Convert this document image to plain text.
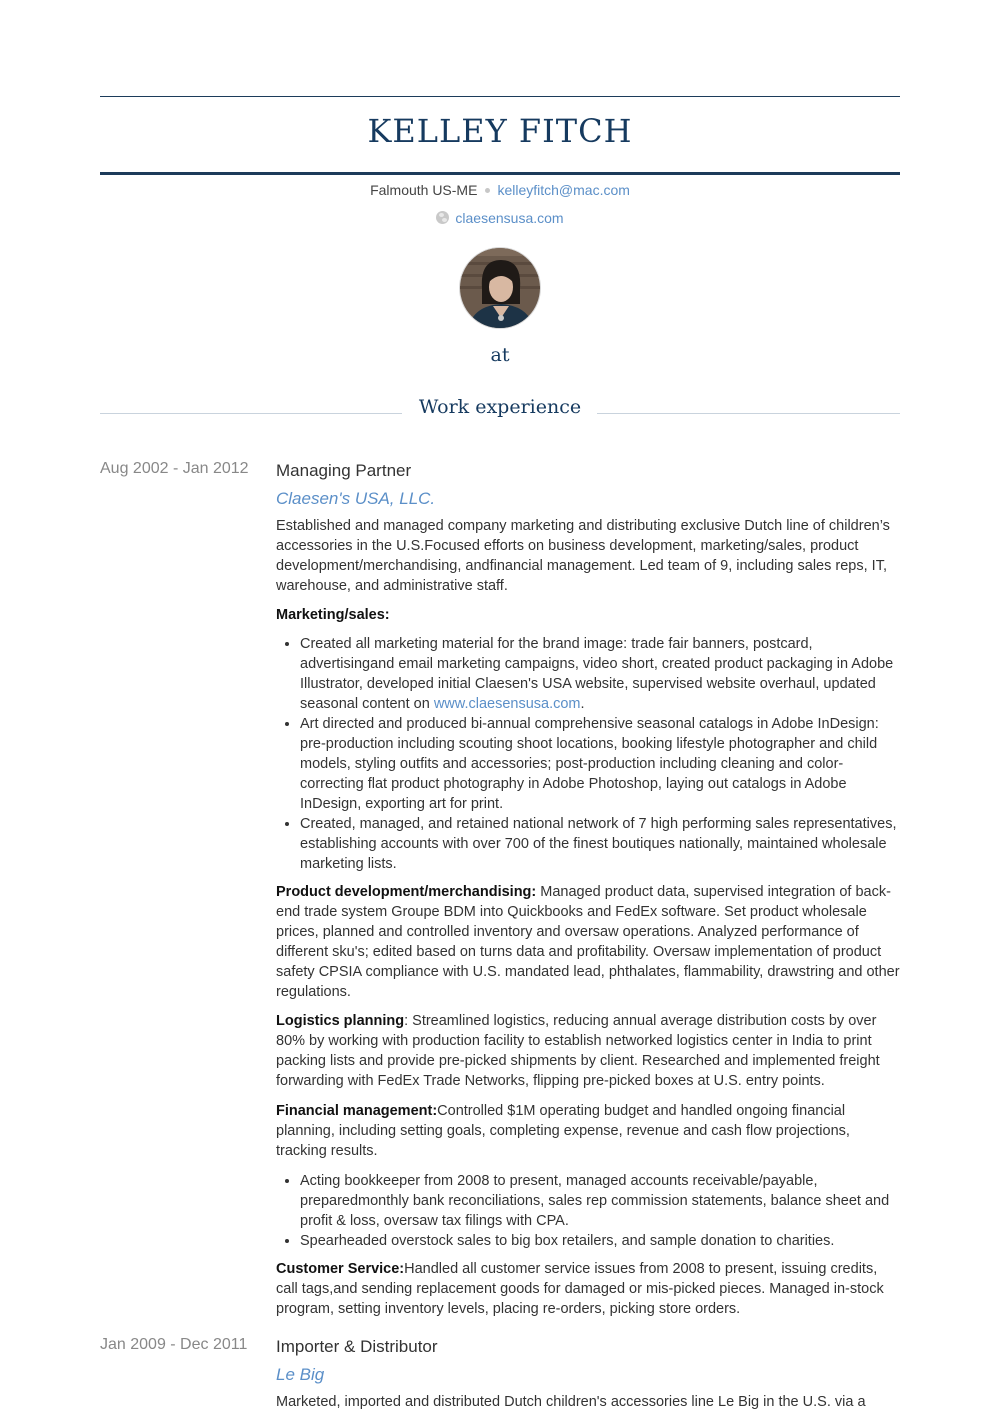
KELLEY FITCH
Falmouth US-ME kelleyfitch@mac.com
claesensusa.com
at
Work experience
Aug 2002 - Jan 2012 Managing Partner
Claesen's USA, LLC.

Established and managed company marketing and distributing exclusive Dutch line of children’s accessories in the U.S.Focused efforts on business development, marketing/sales, product development/merchandising, andfinancial management. Led team of 9, including sales reps, IT, warehouse, and administrative staff.

Marketing/sales:

• Created all marketing material for the brand image: trade fair banners, postcard, advertisingand email marketing campaigns, video short, created product packaging in Adobe Illustrator, developed initial Claesen's USA website, supervised website overhaul, updated seasonal content on www.claesensusa.com.
• Art directed and produced bi-annual comprehensive seasonal catalogs in Adobe InDesign: pre-production including scouting shoot locations, booking lifestyle photographer and child models, styling outfits and accessories; post-production including cleaning and color-correcting flat product photography in Adobe Photoshop, laying out catalogs in Adobe InDesign, exporting art for print.
• Created, managed, and retained national network of 7 high performing sales representatives, establishing accounts with over 700 of the finest boutiques nationally, maintained wholesale marketing lists.

Product development/merchandising: Managed product data, supervised integration of back-end trade system Groupe BDM into Quickbooks and FedEx software. Set product wholesale prices, planned and controlled inventory and oversaw operations. Analyzed performance of different sku's; edited based on turns data and profitability. Oversaw implementation of product safety CPSIA compliance with U.S. mandated lead, phthalates, flammability, drawstring and other regulations.

Logistics planning: Streamlined logistics, reducing annual average distribution costs by over 80% by working with production facility to establish networked logistics center in India to print packing lists and provide pre-picked shipments by client. Researched and implemented freight forwarding with FedEx Trade Networks, flipping pre-picked boxes at U.S. entry points.

Financial management:Controlled $1M operating budget and handled ongoing financial planning, including setting goals, completing expense, revenue and cash flow projections, tracking results.

• Acting bookkeeper from 2008 to present, managed accounts receivable/payable, preparedmonthly bank reconciliations, sales rep commission statements, balance sheet and profit & loss, oversaw tax filings with CPA.
• Spearheaded overstock sales to big box retailers, and sample donation to charities.

Customer Service:Handled all customer service issues from 2008 to present, issuing credits, call tags,and sending replacement goods for damaged or mis-picked pieces. Managed in-stock program, setting inventory levels, placing re-orders, picking store orders.

Jan 2009 - Dec 2011 Importer & Distributor
Le Big

Marketed, imported and distributed Dutch children's accessories line Le Big in the U.S. via a
